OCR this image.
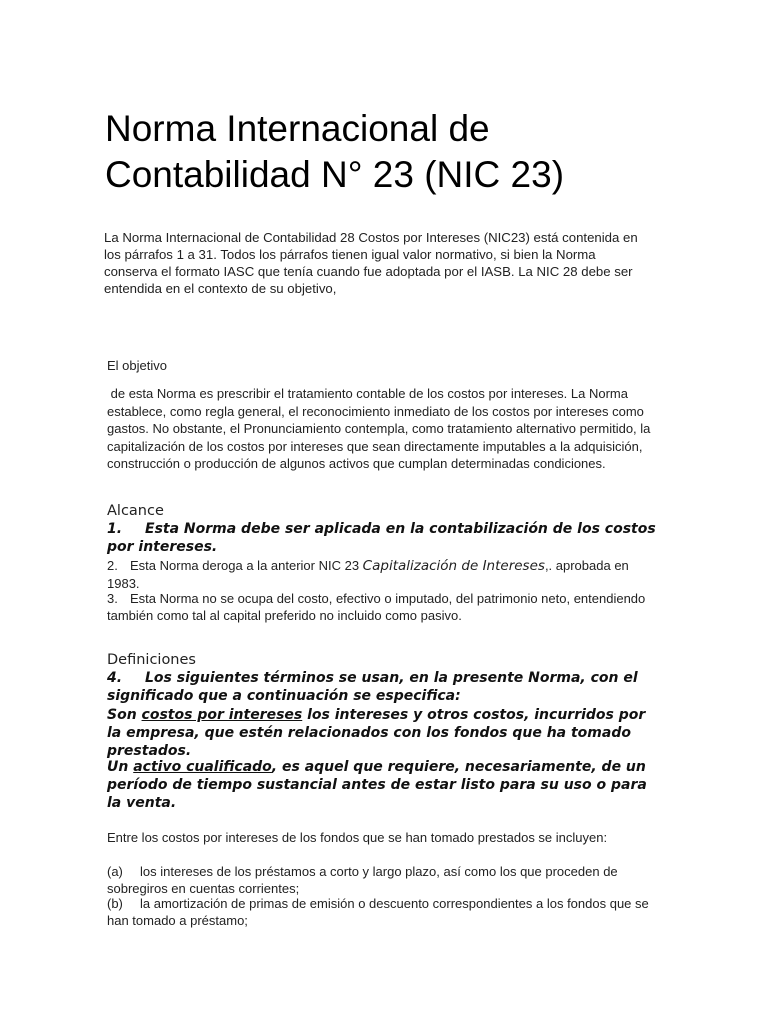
Norma Internacional de Contabilidad N° 23 (NIC 23)

La Norma Internacional de Contabilidad 28 Costos por Intereses (NIC23) está contenida en los párrafos 1 a 31. Todos los párrafos tienen igual valor normativo, si bien la Norma conserva el formato IASC que tenía cuando fue adoptada por el IASB. La NIC 28 debe ser entendida en el contexto de su objetivo,

El objetivo

de esta Norma es prescribir el tratamiento contable de los costos por intereses. La Norma establece, como regla general, el reconocimiento inmediato de los costos por intereses como gastos. No obstante, el Pronunciamiento contempla, como tratamiento alternativo permitido, la capitalización de los costos por intereses que sean directamente imputables a la adquisición, construcción o producción de algunos activos que cumplan determinadas condiciones.

Alcance

1. Esta Norma debe ser aplicada en la contabilización de los costos por intereses.

2. Esta Norma deroga a la anterior NIC 23 Capitalización de Intereses,. aprobada en 1983.

3. Esta Norma no se ocupa del costo, efectivo o imputado, del patrimonio neto, entendiendo también como tal al capital preferido no incluido como pasivo.

Definiciones

4. Los siguientes términos se usan, en la presente Norma, con el significado que a continuación se especifica:

Son costos por intereses los intereses y otros costos, incurridos por la empresa, que estén relacionados con los fondos que ha tomado prestados.

Un activo cualificado, es aquel que requiere, necesariamente, de un período de tiempo sustancial antes de estar listo para su uso o para la venta.

Entre los costos por intereses de los fondos que se han tomado prestados se incluyen:

(a) los intereses de los préstamos a corto y largo plazo, así como los que proceden de sobregiros en cuentas corrientes;

(b) la amortización de primas de emisión o descuento correspondientes a los fondos que se han tomado a préstamo;
